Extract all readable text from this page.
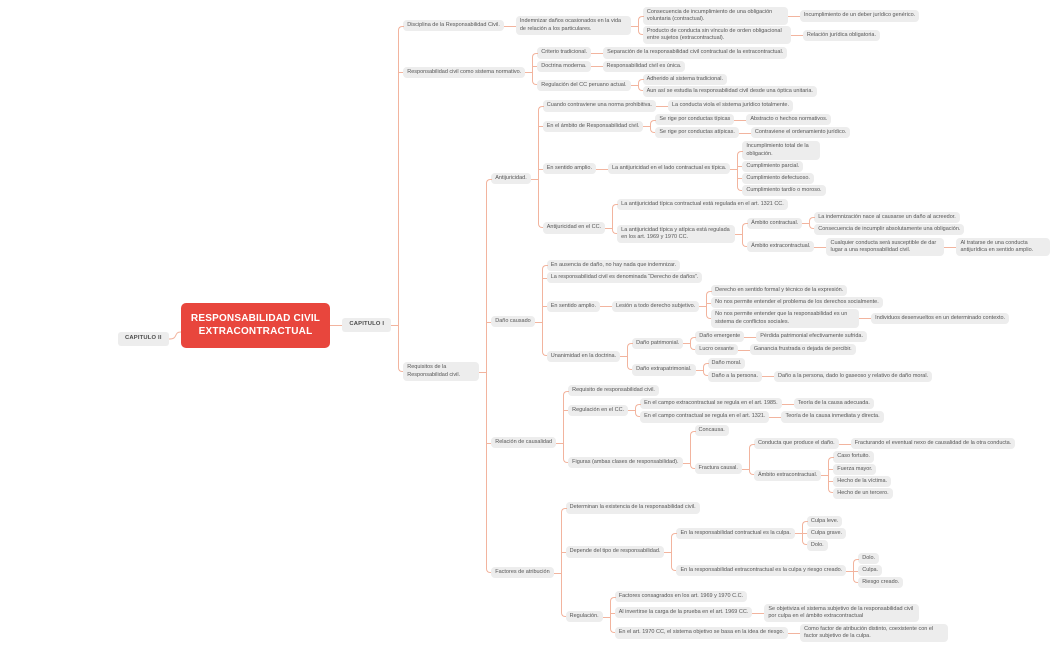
CAPITULO II
RESPONSABILIDAD CIVIL EXTRACONTRACTUAL
CAPITULO I
Disciplina de la Responsabilidad Civil.
Indemnizar daños ocasionados en la vida de relación a los particulares.
Consecuencia de incumplimiento de una obligación voluntaria (contractual).
Incumplimiento de un deber jurídico genérico.
Producto de conducta sin vínculo de orden obligacional entre sujetos (extracontractual).
Relación jurídica obligatoria.
Responsabilidad civil como sistema normativo.
Criterio tradicional.	Separación de la responsabilidad civil contractual de la extracontractual.
Doctrina moderna.	Responsabilidad civil es única.
Regulación del CC peruano actual.
Adherido al sistema tradicional.
Aun así se estudia la responsabilidad civil desde una óptica unitaria.
Requisitos de la Responsabilidad civil.
Antijuricidad.
Cuando contraviene una norma prohibitiva.	La conducta viola el sistema jurídico totalmente.
En el ámbito de Responsabilidad civil.
Se rige por conductas típicas	Abstracto o hechos normativos.
Se rige por conductas atípicas.	Contraviene el ordenamiento jurídico.
En sentido amplio.	La antijuricidad en el lado contractual es típica.
Incumplimiento total de la obligación.
Cumplimiento parcial.
Cumplimiento defectuoso.
Cumplimiento tardío o moroso.
Antijuricidad en el CC.
La antijuricidad típica contractual está regulada en el art. 1321 CC.
La antijuricidad típica y atípica está regulada en los art. 1969 y 1970 CC.
Ámbito contractual.
La indemnización nace al causarse un daño al acreedor.
Consecuencia de incumplir absolutamente una obligación.
Ámbito extracontractual.
Cualquier conducta será susceptible de dar lugar a una responsabilidad civil.
Al tratarse de una conducta antijurídica en sentido amplio.
Daño causado
En ausencia de daño, no hay nada que indemnizar.
La responsabilidad civil es denominada “Derecho de daños”.
En sentido amplio.	Lesión a todo derecho subjetivo.
Derecho en sentido formal y técnico de la expresión.
No nos permite entender el problema de los derechos socialmente.
No nos permite entender que la responsabilidad es un sistema de conflictos sociales.
Individuos desenvueltos en un determinado contexto.
Unanimidad en la doctrina.
Daño patrimonial.
Daño emergente	Pérdida patrimonial efectivamente sufrida.
Lucro cesante	Ganancia frustrada o dejada de percibir.
Daño extrapatrimonial.
Daño moral.
Daño a la persona.	Daño a la persona, dado lo gaseoso y relativo de daño moral.
Relación de causalidad
Requisito de responsabilidad civil.
Regulación en el CC.
En el campo extracontractual se regula en el art. 1985.	Teoría de la causa adecuada.
En el campo contractual se regula en el art. 1321.	Teoría de la causa inmediata y directa.
Figuras (ambas clases de responsabilidad).
Concausa.
Fractura causal.
Conducta que produce el daño.	Fracturando el eventual nexo de causalidad de la otra conducta.
Ámbito extracontractual.
Caso fortuito.
Fuerza mayor.
Hecho de la víctima.
Hecho de un tercero.
Factores de atribución
Determinan la existencia de la responsabilidad civil.
Depende del tipo de responsabilidad.
En la responsabilidad contractual es la culpa.
Culpa leve.
Culpa grave.
Dolo.
En la responsabilidad extracontractual es la culpa y riesgo creado.
Dolo.
Culpa.
Riesgo creado.
Regulación.
Factores consagrados en los art. 1969 y 1970 C.C.
Al invertirse la carga de la prueba en el art. 1969 CC.
Se objetiviza el sistema subjetivo de la responsabilidad civil por culpa en el ámbito extracontractual
En el art. 1970 CC, el sistema objetivo se basa en la idea de riesgo.
Como factor de atribución distinto, coexistente con el factor subjetivo de la culpa.
